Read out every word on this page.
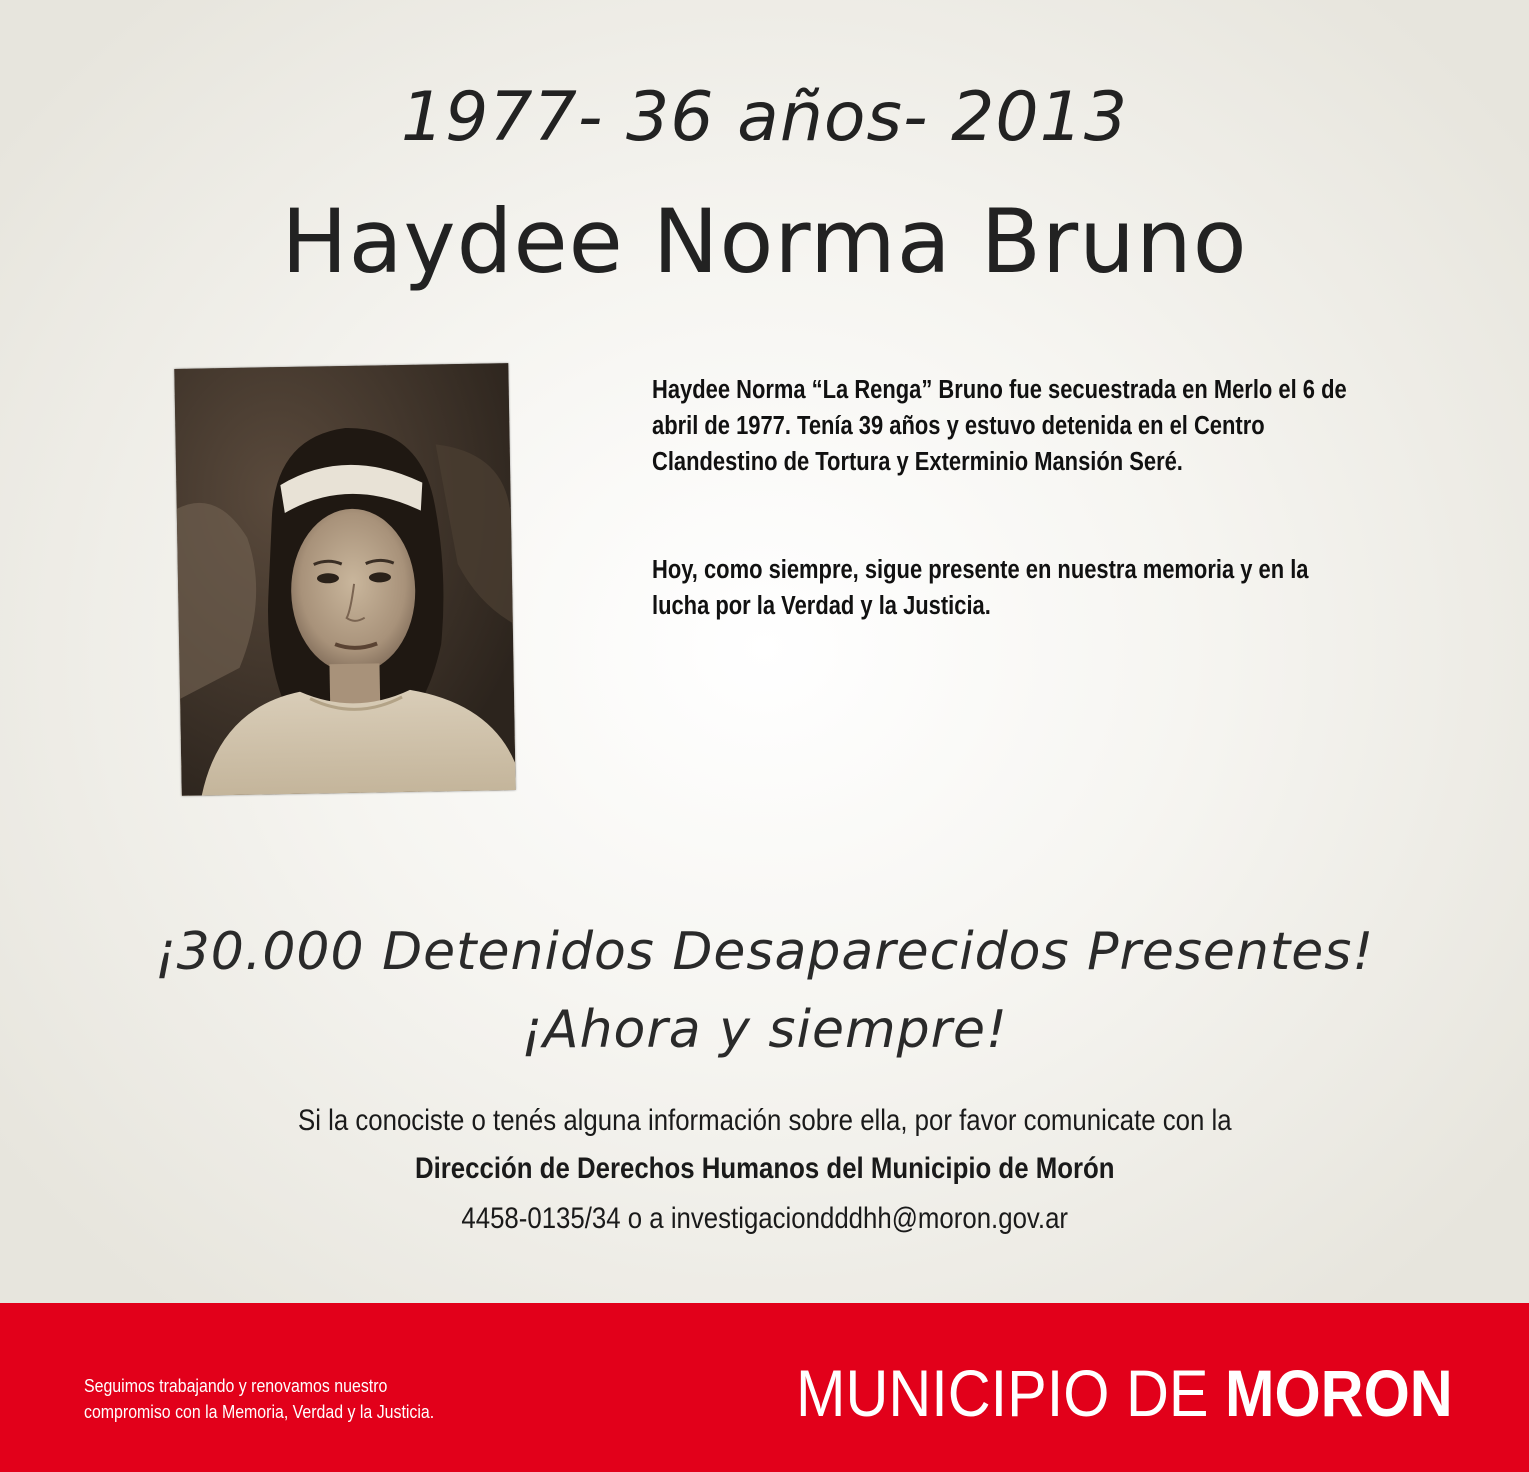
1977- 36 años- 2013
Haydee Norma Bruno

Haydee Norma “La Renga” Bruno fue secuestrada en Merlo el 6 de abril de 1977. Tenía 39 años y estuvo detenida en el Centro Clandestino de Tortura y Exterminio Mansión Seré.

Hoy, como siempre, sigue presente en nuestra memoria y en la lucha por la Verdad y la Justicia.

¡30.000 Detenidos Desaparecidos Presentes!
¡Ahora y siempre!
Si la conociste o tenés alguna información sobre ella, por favor comunicate con la
Dirección de Derechos Humanos del Municipio de Morón
4458-0135/34 o a investigaciondddhh@moron.gov.ar
Seguimos trabajando y renovamos nuestro
compromiso con la Memoria, Verdad y la Justicia.	MUNICIPIO DE MORON
